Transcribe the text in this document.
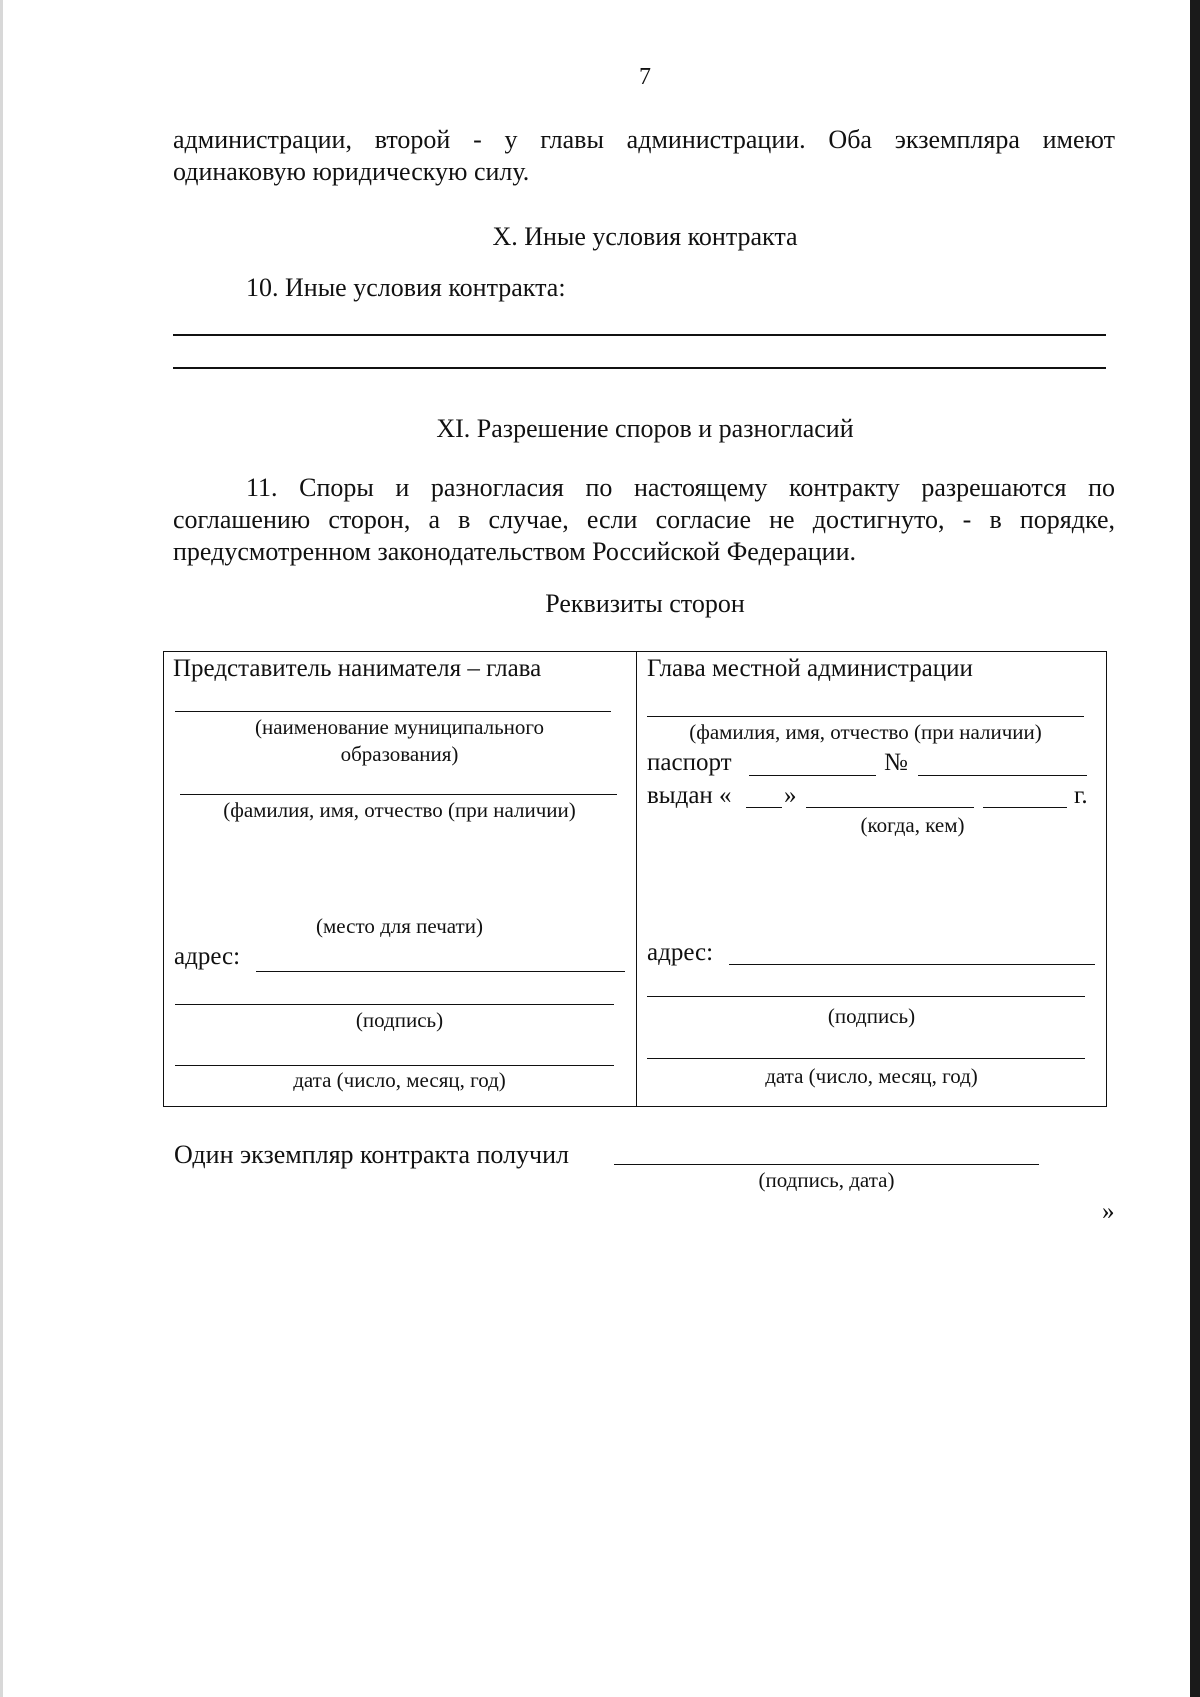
7
администрации, второй - у главы администрации. Оба экземпляра имеют одинаковую юридическую силу.
X. Иные условия контракта
10. Иные условия контракта:
XI. Разрешение споров и разногласий
11. Споры и разногласия по настоящему контракту разрешаются по соглашению сторон, а в случае, если согласие не достигнуто, - в порядке, предусмотренном законодательством Российской Федерации.
Реквизиты сторон
Представитель нанимателя – глава
(наименование муниципального
образования)
(фамилия, имя, отчество (при наличии)
(место для печати)
адрес:
(подпись)
дата (число, месяц, год)
Глава местной администрации
(фамилия, имя, отчество (при наличии)
паспорт	№
выдан « »	г.
(когда, кем)
адрес:
(подпись)
дата (число, месяц, год)
Один экземпляр контракта получил
(подпись, дата)
»
